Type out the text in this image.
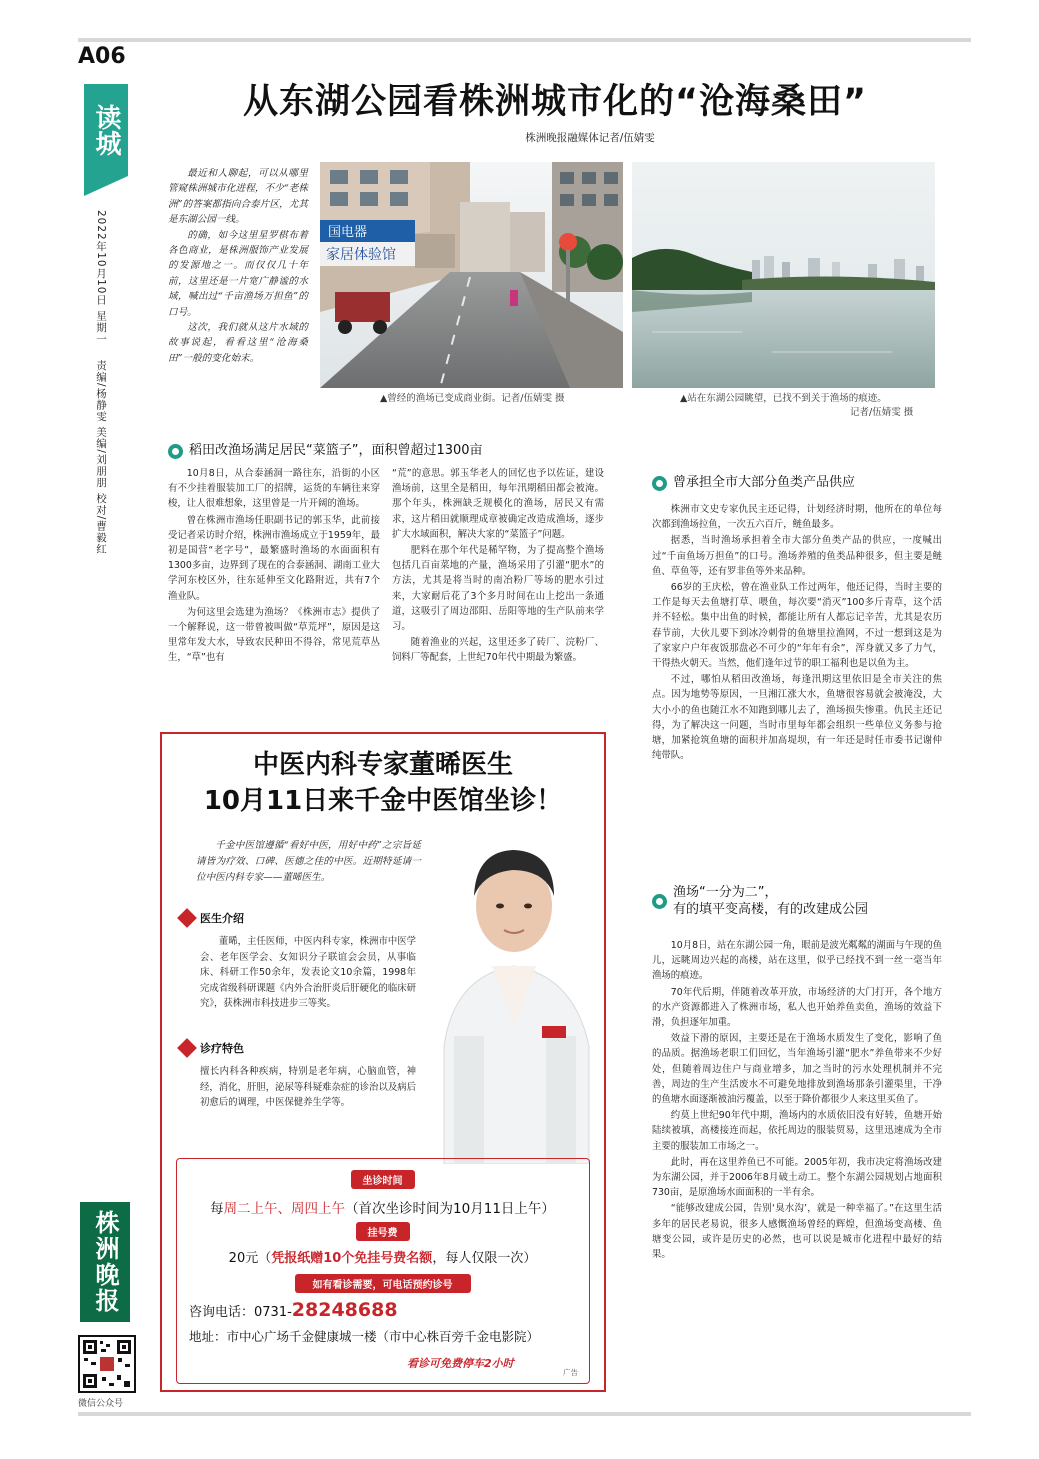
A06
读城
2022年10月10日 星期一
责编/杨静雯 美编/刘朋朋 校对/曹毅红
株洲晚报
微信公众号
从东湖公园看株洲城市化的“沧海桑田”
株洲晚报融媒体记者/伍婧雯

最近和人聊起，可以从哪里管窥株洲城市化进程，不少“老株洲”的答案都指向合泰片区，尤其是东湖公园一线。

的确，如今这里星罗棋布着各色商业，是株洲服饰产业发展的发源地之一。而仅仅几十年前，这里还是一片宽广静谧的水域，喊出过“千亩渔场万担鱼”的口号。

这次，我们就从这片水域的故事说起，看看这里“沧海桑田”一般的变化始末。

国电器
家居体验馆
▲曾经的渔场已变成商业街。记者/伍婧雯 摄	▲站在东湖公园眺望，已找不到关于渔场的痕迹。
记者/伍婧雯 摄
稻田改渔场满足居民“菜篮子”，面积曾超过1300亩

10月8日，从合泰涵洞一路往东，沿街的小区有不少挂着服装加工厂的招牌，运货的车辆往来穿梭，让人很难想象，这里曾是一片开阔的渔场。

曾在株洲市渔场任职副书记的郭玉华，此前接受记者采访时介绍，株洲市渔场成立于1959年，最初是国营“老字号”，最繁盛时渔场的水面面积有1300多亩，边界到了现在的合泰涵洞、湖南工业大学河东校区外，往东延伸至文化路附近，共有7个渔业队。

为何这里会选建为渔场？《株洲市志》提供了一个解释说，这一带曾被叫做“草荒坪”，原因是这里常年发大水，导致农民种田不得谷，常见荒草丛生，“草”也有

“荒”的意思。郭玉华老人的回忆也予以佐证，建设渔场前，这里全是稻田，每年汛期稻田都会被淹。那个年头，株洲缺乏规模化的渔场，居民又有需求，这片稻田就顺理成章被确定改造成渔场，逐步扩大水域面积，解决大家的“菜篮子”问题。

肥料在那个年代是稀罕物，为了提高整个渔场包括几百亩菜地的产量，渔场采用了引灌“肥水”的方法，尤其是将当时的南冶粉厂等场的肥水引过来，大家耐后花了3个多月时间在山上挖出一条通道，这吸引了周边邵阳、岳阳等地的生产队前来学习。

随着渔业的兴起，这里还多了砖厂、浣粉厂、饲料厂等配套，上世纪70年代中期最为繁盛。

曾承担全市大部分鱼类产品供应

株洲市文史专家仇民主还记得，计划经济时期，他所在的单位每次都到渔场拉鱼，一次五六百斤，鲢鱼最多。

据悉，当时渔场承担着全市大部分鱼类产品的供应，一度喊出过“千亩鱼场万担鱼”的口号。渔场养殖的鱼类品种很多，但主要是鲢鱼、草鱼等，还有罗非鱼等外来品种。

66岁的王庆松，曾在渔业队工作过两年，他还记得，当时主要的工作是每天去鱼塘打草、喂鱼，每次要“消灭”100多斤青草，这个活并不轻松。集中出鱼的时候，都能让所有人都忘记辛苦，尤其是农历春节前，大伙儿要下到冰冷刺骨的鱼塘里拉渔网，不过一想到这是为了家家户户年夜饭那盘必不可少的“年年有余”，浑身就又多了力气，干得热火朝天。当然，他们逢年过节的职工福利也是以鱼为主。

不过，哪怕从稻田改渔场，每逢汛期这里依旧是全市关注的焦点。因为地势等原因，一旦湘江涨大水，鱼塘很容易就会被淹没，大大小小的鱼也随江水不知跑到哪儿去了，渔场损失惨重。仇民主还记得，为了解决这一问题，当时市里每年都会组织一些单位义务参与抢塘，加紧抢筑鱼塘的面积并加高堤坝，有一年还是时任市委书记谢仲纯带队。

渔场“一分为二”，
有的填平变高楼，有的改建成公园

10月8日，站在东湖公园一角，眼前是波光粼粼的湖面与午现的鱼儿，远眺周边兴起的高楼，站在这里，似乎已经找不到一丝一毫当年渔场的痕迹。

70年代后期，伴随着改革开放，市场经济的大门打开，各个地方的水产资源都进入了株洲市场，私人也开始养鱼卖鱼，渔场的效益下滑，负担逐年加重。

效益下滑的原因，主要还是在于渔场水质发生了变化，影响了鱼的品质。据渔场老职工们回忆，当年渔场引灌“肥水”养鱼带来不少好处，但随着周边住户与商业增多，加之当时的污水处理机制并不完善，周边的生产生活废水不可避免地排放到渔场那条引灌渠里，干净的鱼塘水面逐渐被油污覆盖，以至于降价都很少人来这里买鱼了。

约莫上世纪90年代中期，渔场内的水质依旧没有好转，鱼塘开始陆续被填，高楼接连而起，依托周边的服装贸易，这里迅速成为全市主要的服装加工市场之一。

此时，再在这里养鱼已不可能。2005年初，我市决定将渔场改建为东湖公园，并于2006年8月破土动工。整个东湖公园规划占地面积730亩，是原渔场水面面积的一半有余。

“能够改建成公园，告别‘臭水沟’，就是一种幸福了。”在这里生活多年的居民老易说，很多人感慨渔场曾经的辉煌，但渔场变高楼、鱼塘变公园，或许是历史的必然，也可以说是城市化进程中最好的结果。

中医内科专家董晞医生
10月11日来千金中医馆坐诊！
千金中医馆遵循“看好中医，用好中药”之宗旨延请皆为疗效、口碑、医德之佳的中医。近期特延请一位中医内科专家——董晞医生。
医生介绍
董晞，主任医师，中医内科专家，株洲市中医学会、老年医学会、女知识分子联谊会会员，从事临床、科研工作50余年，发表论文10余篇，1998年完成省级科研课题《内外合治肝炎后肝硬化的临床研究》，获株洲市科技进步三等奖。
诊疗特色
擅长内科各种疾病，特别是老年病，心脑血管，神经，消化，肝胆，泌尿等科疑难杂症的诊治以及病后初愈后的调理，中医保健养生学等。
坐诊时间
每周二上午、周四上午（首次坐诊时间为10月11日上午）
挂号费
20元（凭报纸赠10个免挂号费名额，每人仅限一次）
如有看诊需要，可电话预约诊号
咨询电话：0731-28248688
地址：市中心广场千金健康城一楼（市中心株百旁千金电影院）
看诊可免费停车2小时
广告
